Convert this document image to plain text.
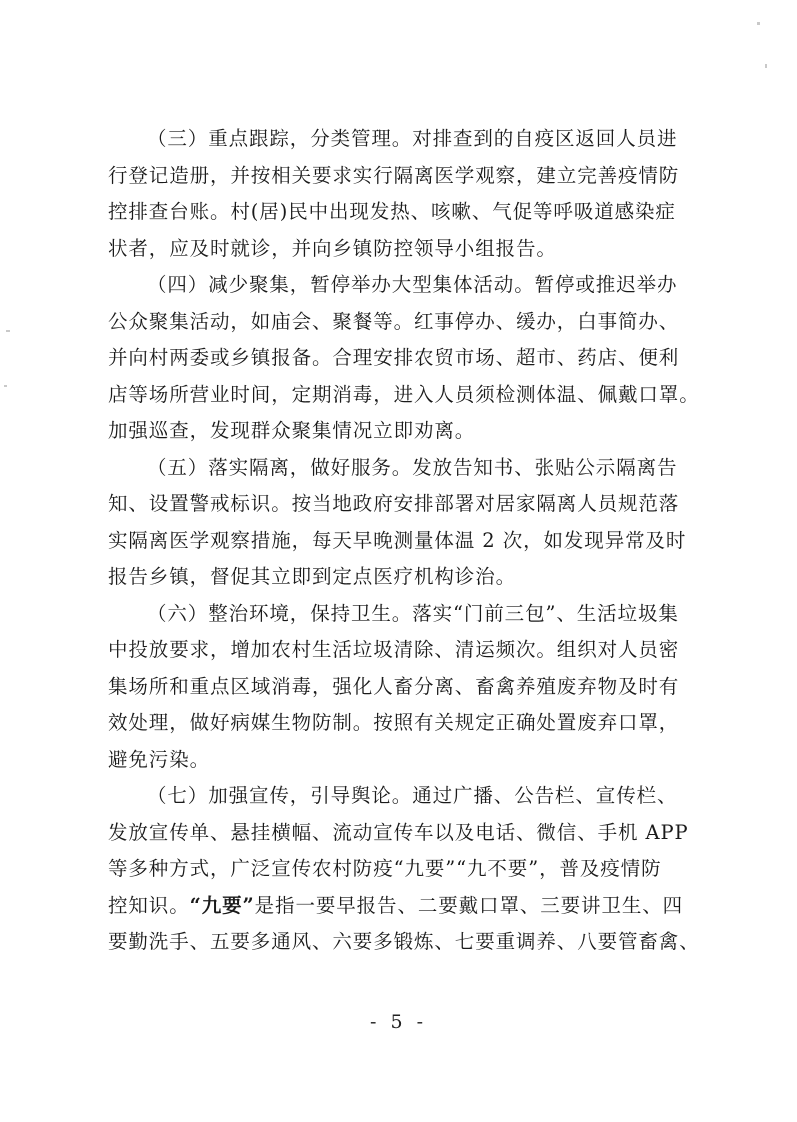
（三）重点跟踪，分类管理。对排查到的自疫区返回人员进
行登记造册，并按相关要求实行隔离医学观察，建立完善疫情防
控排查台账。村(居)民中出现发热、咳嗽、气促等呼吸道感染症
状者，应及时就诊，并向乡镇防控领导小组报告。

（四）减少聚集，暂停举办大型集体活动。暂停或推迟举办
公众聚集活动，如庙会、聚餐等。红事停办、缓办，白事简办、
并向村两委或乡镇报备。合理安排农贸市场、超市、药店、便利
店等场所营业时间，定期消毒，进入人员须检测体温、佩戴口罩。
加强巡查，发现群众聚集情况立即劝离。

（五）落实隔离，做好服务。发放告知书、张贴公示隔离告
知、设置警戒标识。按当地政府安排部署对居家隔离人员规范落
实隔离医学观察措施，每天早晚测量体温 2 次，如发现异常及时
报告乡镇，督促其立即到定点医疗机构诊治。

（六）整治环境，保持卫生。落实“门前三包”、生活垃圾集
中投放要求，增加农村生活垃圾清除、清运频次。组织对人员密
集场所和重点区域消毒，强化人畜分离、畜禽养殖废弃物及时有
效处理，做好病媒生物防制。按照有关规定正确处置废弃口罩，
避免污染。

（七）加强宣传，引导舆论。通过广播、公告栏、宣传栏、
发放宣传单、悬挂横幅、流动宣传车以及电话、微信、手机 APP
等多种方式，广泛宣传农村防疫“九要”“九不要”，普及疫情防
控知识。“九要”是指一要早报告、二要戴口罩、三要讲卫生、四
要勤洗手、五要多通风、六要多锻炼、七要重调养、八要管畜禽、

- 5 -
